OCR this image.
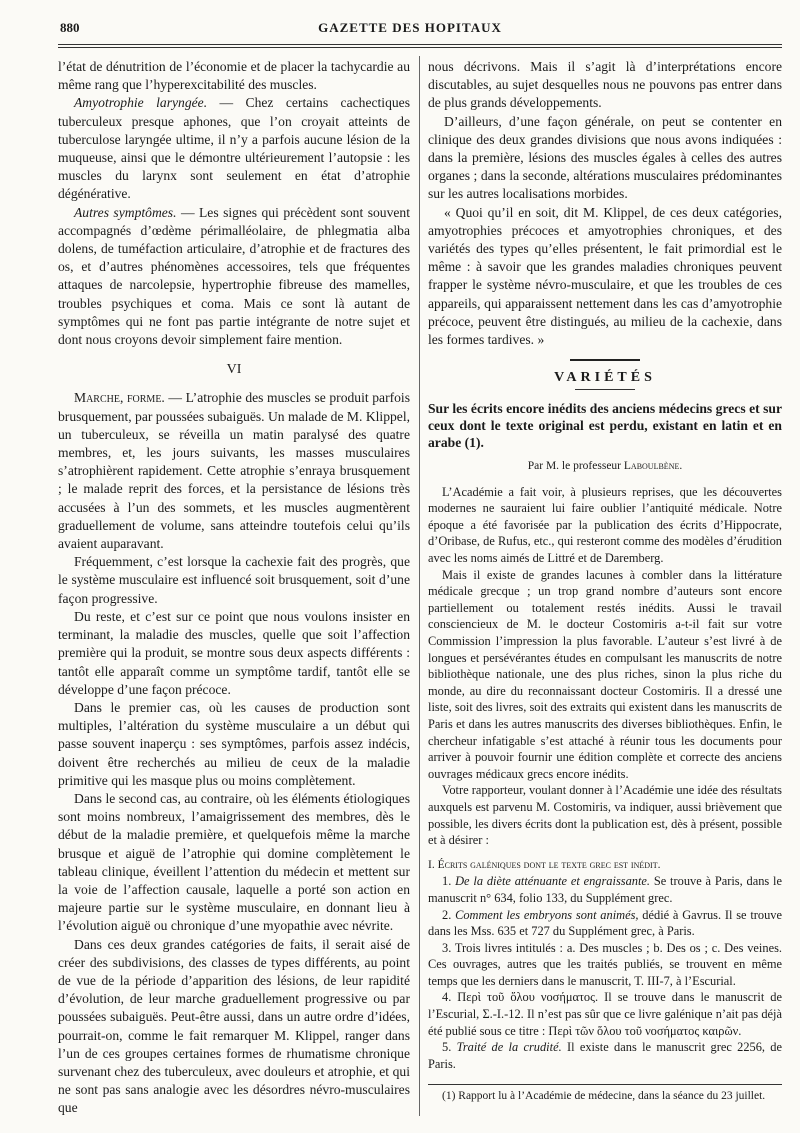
880	GAZETTE DES HOPITAUX

l’état de dénutrition de l’économie et de placer la tachycardie au même rang que l’hyperexcitabilité des muscles.

Amyotrophie laryngée. — Chez certains cachectiques tuberculeux presque aphones, que l’on croyait atteints de tuberculose laryngée ultime, il n’y a parfois aucune lésion de la muqueuse, ainsi que le démontre ultérieurement l’autopsie : les muscles du larynx sont seulement en état d’atrophie dégénérative.

Autres symptômes. — Les signes qui précèdent sont souvent accompagnés d’œdème périmalléolaire, de phlegmatia alba dolens, de tuméfaction articulaire, d’atrophie et de fractures des os, et d’autres phénomènes accessoires, tels que fréquentes attaques de narcolepsie, hypertrophie fibreuse des mamelles, troubles psychiques et coma. Mais ce sont là autant de symptômes qui ne font pas partie intégrante de notre sujet et dont nous croyons devoir simplement faire mention.

VI

Marche, forme. — L’atrophie des muscles se produit parfois brusquement, par poussées subaiguës. Un malade de M. Klippel, un tuberculeux, se réveilla un matin paralysé des quatre membres, et, les jours suivants, les masses musculaires s’atrophièrent rapidement. Cette atrophie s’enraya brusquement ; le malade reprit des forces, et la persistance de lésions très accusées à l’un des sommets, et les muscles augmentèrent graduellement de volume, sans atteindre toutefois celui qu’ils avaient auparavant.

Fréquemment, c’est lorsque la cachexie fait des progrès, que le système musculaire est influencé soit brusquement, soit d’une façon progressive.

Du reste, et c’est sur ce point que nous voulons insister en terminant, la maladie des muscles, quelle que soit l’affection première qui la produit, se montre sous deux aspects différents : tantôt elle apparaît comme un symptôme tardif, tantôt elle se développe d’une façon précoce.

Dans le premier cas, où les causes de production sont multiples, l’altération du système musculaire a un début qui passe souvent inaperçu : ses symptômes, parfois assez indécis, doivent être recherchés au milieu de ceux de la maladie primitive qui les masque plus ou moins complètement.

Dans le second cas, au contraire, où les éléments étiologiques sont moins nombreux, l’amaigrissement des membres, dès le début de la maladie première, et quelquefois même la marche brusque et aiguë de l’atrophie qui domine complètement le tableau clinique, éveillent l’attention du médecin et mettent sur la voie de l’affection causale, laquelle a porté son action en majeure partie sur le système musculaire, en donnant lieu à l’évolution aiguë ou chronique d’une myopathie avec névrite.

Dans ces deux grandes catégories de faits, il serait aisé de créer des subdivisions, des classes de types différents, au point de vue de la période d’apparition des lésions, de leur rapidité d’évolution, de leur marche graduellement progressive ou par poussées subaiguës. Peut-être aussi, dans un autre ordre d’idées, pourrait-on, comme le fait remarquer M. Klippel, ranger dans l’un de ces groupes certaines formes de rhumatisme chronique survenant chez des tuberculeux, avec douleurs et atrophie, et qui ne sont pas sans analogie avec les désordres névro-musculaires que

nous décrivons. Mais il s’agit là d’interprétations encore discutables, au sujet desquelles nous ne pouvons pas entrer dans de plus grands développements.

D’ailleurs, d’une façon générale, on peut se contenter en clinique des deux grandes divisions que nous avons indiquées : dans la première, lésions des muscles égales à celles des autres organes ; dans la seconde, altérations musculaires prédominantes sur les autres localisations morbides.

« Quoi qu’il en soit, dit M. Klippel, de ces deux catégories, amyotrophies précoces et amyotrophies chroniques, et des variétés des types qu’elles présentent, le fait primordial est le même : à savoir que les grandes maladies chroniques peuvent frapper le système névro-musculaire, et que les troubles de ces appareils, qui apparaissent nettement dans les cas d’amyotrophie précoce, peuvent être distingués, au milieu de la cachexie, dans les formes tardives. »

VARIÉTÉS

Sur les écrits encore inédits des anciens médecins grecs et sur ceux dont le texte original est perdu, existant en latin et en arabe (1).

Par M. le professeur Laboulbène.

L’Académie a fait voir, à plusieurs reprises, que les découvertes modernes ne sauraient lui faire oublier l’antiquité médicale. Notre époque a été favorisée par la publication des écrits d’Hippocrate, d’Oribase, de Rufus, etc., qui resteront comme des modèles d’érudition avec les noms aimés de Littré et de Daremberg.

Mais il existe de grandes lacunes à combler dans la littérature médicale grecque ; un trop grand nombre d’auteurs sont encore partiellement ou totalement restés inédits. Aussi le travail consciencieux de M. le docteur Costomiris a-t-il fait sur votre Commission l’impression la plus favorable. L’auteur s’est livré à de longues et persévérantes études en compulsant les manuscrits de notre bibliothèque nationale, une des plus riches, sinon la plus riche du monde, au dire du reconnaissant docteur Costomiris. Il a dressé une liste, soit des livres, soit des extraits qui existent dans les manuscrits de Paris et dans les autres manuscrits des diverses bibliothèques. Enfin, le chercheur infatigable s’est attaché à réunir tous les documents pour arriver à pouvoir fournir une édition complète et correcte des anciens ouvrages médicaux grecs encore inédits.

Votre rapporteur, voulant donner à l’Académie une idée des résultats auxquels est parvenu M. Costomiris, va indiquer, aussi brièvement que possible, les divers écrits dont la publication est, dès à présent, possible et à désirer :

I. Écrits galéniques dont le texte grec est inédit.

1. De la diète atténuante et engraissante. Se trouve à Paris, dans le manuscrit n° 634, folio 133, du Supplément grec.

2. Comment les embryons sont animés, dédié à Gavrus. Il se trouve dans les Mss. 635 et 727 du Supplément grec, à Paris.

3. Trois livres intitulés : a. Des muscles ; b. Des os ; c. Des veines. Ces ouvrages, autres que les traités publiés, se trouvent en même temps que les derniers dans le manuscrit, T. III-7, à l’Escurial.

4. Περὶ τοῦ ὅλου νοσήματος. Il se trouve dans le manuscrit de l’Escurial, Σ.-I.-12. Il n’est pas sûr que ce livre galénique n’ait pas déjà été publié sous ce titre : Περὶ τῶν ὅλου τοῦ νοσήματος καιρῶν.

5. Traité de la crudité. Il existe dans le manuscrit grec 2256, de Paris.

(1) Rapport lu à l’Académie de médecine, dans la séance du 23 juillet.
